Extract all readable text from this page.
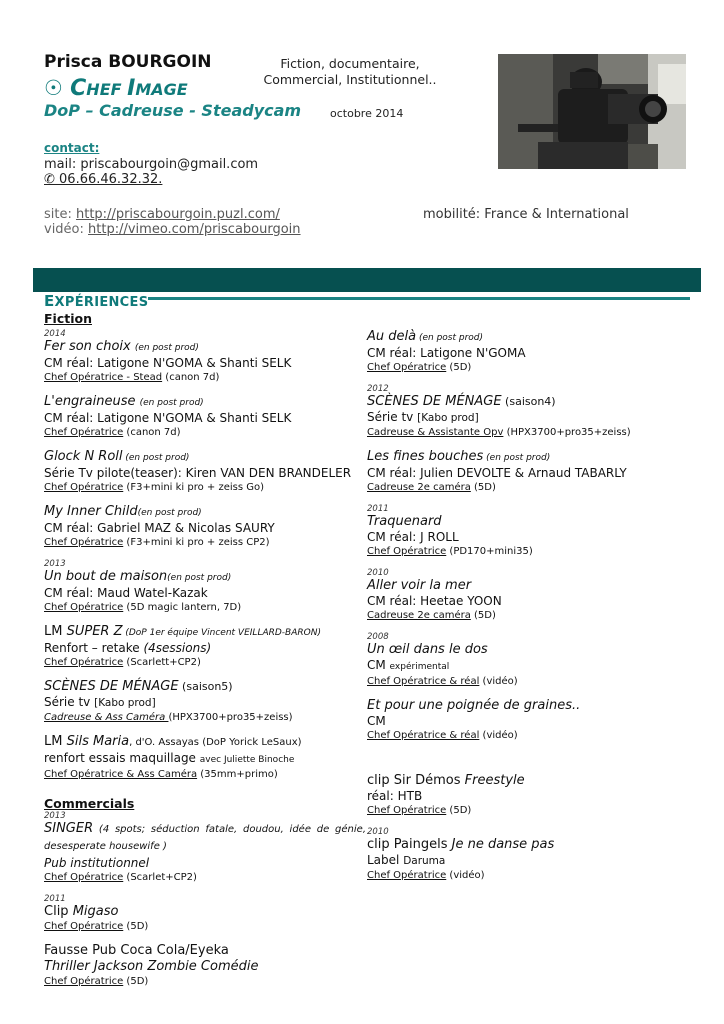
Prisca BOURGOIN
☉ CHEF IMAGE
DoP – Cadreuse - Steadycam
Fiction, documentaire,
Commercial, Institutionnel..
octobre 2014
contact:
mail: priscabourgoin@gmail.com
✆ 06.66.46.32.32.
site: http://priscabourgoin.puzl.com/
vidéo: http://vimeo.com/priscabourgoin
mobilité: France & International
EXPÉRIENCES
Fiction
2014
Fer son choix (en post prod)
CM réal: Latigone N'GOMA & Shanti SELK
Chef Opératrice - Stead (canon 7d)
L'engraineuse (en post prod)
CM réal: Latigone N'GOMA & Shanti SELK
Chef Opératrice (canon 7d)
Glock N Roll (en post prod)
Série Tv pilote(teaser): Kiren VAN DEN BRANDELER
Chef Opératrice (F3+mini ki pro + zeiss Go)
My Inner Child(en post prod)
CM réal: Gabriel MAZ & Nicolas SAURY
Chef Opératrice (F3+mini ki pro + zeiss CP2)
2013
Un bout de maison(en post prod)
CM réal: Maud Watel-Kazak
Chef Opératrice (5D magic lantern, 7D)
LM SUPER Z (DoP 1er équipe Vincent VEILLARD-BARON)
Renfort – retake (4sessions)
Chef Opératrice (Scarlett+CP2)
SCÈNES DE MÉNAGE (saison5)
Série tv [Kabo prod]
Cadreuse & Ass Caméra (HPX3700+pro35+zeiss)
LM Sils Maria, d'O. Assayas (DoP Yorick LeSaux)
renfort essais maquillage avec Juliette Binoche
Chef Opératrice & Ass Caméra (35mm+primo)
Commercials
2013
SINGER (4 spots; séduction fatale, doudou, idée de génie, desesperate housewife )
Pub institutionnel
Chef Opératrice (Scarlet+CP2)
2011
Clip Migaso
Chef Opératrice (5D)
Fausse Pub Coca Cola/Eyeka
Thriller Jackson Zombie Comédie
Chef Opératrice (5D)
Au delà (en post prod)
CM réal: Latigone N'GOMA
Chef Opératrice (5D)
2012
SCÈNES DE MÉNAGE (saison4)
Série tv [Kabo prod]
Cadreuse & Assistante Opv (HPX3700+pro35+zeiss)
Les fines bouches (en post prod)
CM réal: Julien DEVOLTE & Arnaud TABARLY
Cadreuse 2e caméra (5D)
2011
Traquenard
CM réal: J ROLL
Chef Opératrice (PD170+mini35)
2010
Aller voir la mer
CM réal: Heetae YOON
Cadreuse 2e caméra (5D)
2008
Un œil dans le dos
CM expérimental
Chef Opératrice & réal (vidéo)
Et pour une poignée de graines..
CM
Chef Opératrice & réal (vidéo)
clip Sir Démos Freestyle
réal: HTB
Chef Opératrice (5D)
2010
clip Paingels Je ne danse pas
Label Daruma
Chef Opératrice (vidéo)
